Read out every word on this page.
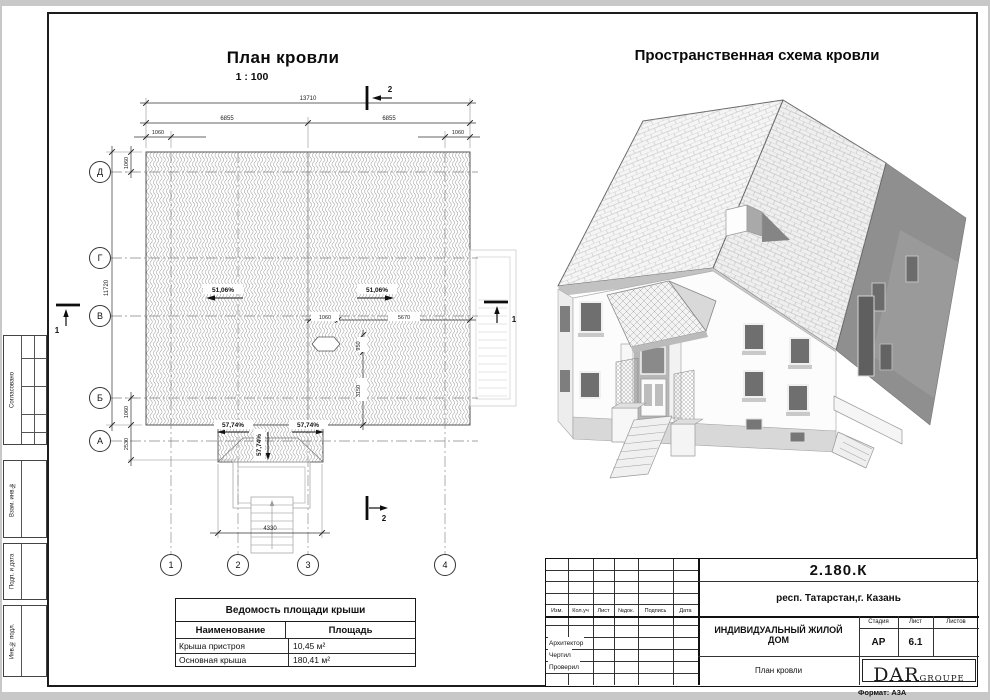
План кровли
1 : 100
Пространственная схема кровли
Д
Г
В
Б
А
1	2	3	4
13710
6855	6855
1060	1060
11720
1060
1060
2530
1060	5670
950
3150
4330
51,06%	51,06%
57,74%	57,74%
57,74%
2
2
1
1
Ведомость площади крыши
Наименование	Площадь
Крыша пристроя	10,45 м²
Основная крыша	180,41 м²
Изм.	Кол.уч	Лист	№док.	Подпись	Дата
Архитектор
Чертил
Проверил
2.180.К
респ. Татарстан,г. Казань
ИНДИВИДУАЛЬНЫЙ ЖИЛОЙ ДОМ
Стадия	Лист	Листов
АР	6.1
План кровли	DAR GROUPE
Формат: А3А
Согласовано
Взам. инв.№
Подп. и дата
Инв.№ подл.
